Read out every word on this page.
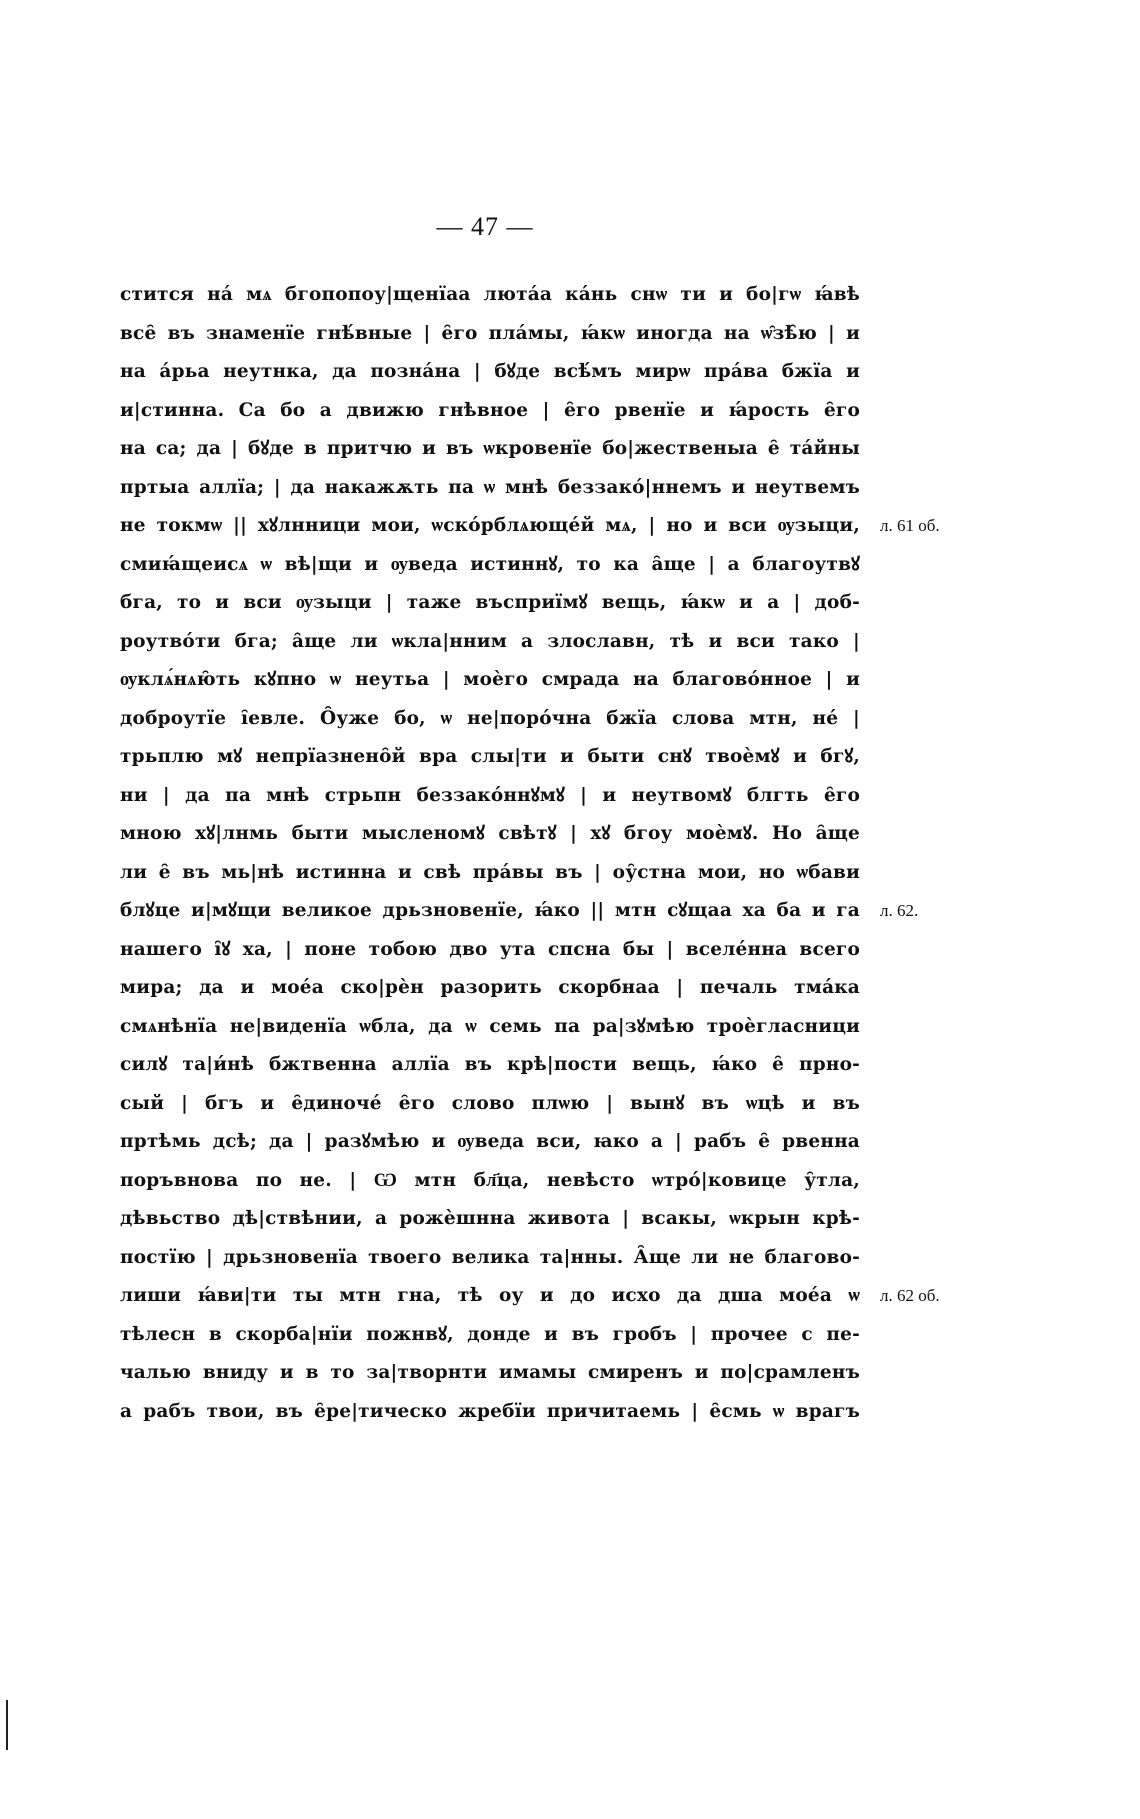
— 47 —
стится на́ мѧ бгопопоу|щенїаа люта́а ка́нь снѡ ти и бо|гѡ ꙗ́вѣ
все̑ въ знаменїе гнѣ́вные | е̑го пла́мы, ꙗ́кѡ иногда на ѡ̑зѣ̑ю | и
на а́рьа неутнка, да позна́на | бꙋде всѣ́мъ мирѡ пра́ва бжїа и
и|стинна. Са бо а движю гнѣвное | е̑го рвенїе и ꙗ́рость е̑го
на са; да | бꙋде в притчю и въ ѡкровенїе бо|жественыа е̑ та́йны
пртыа аллїа; | да накажѫть па ѡ мнѣ беззако́|ннемъ и неутвемъ
не токмѡ || хꙋлнници мои, ѡско́рблѧюще́й мѧ, | но и вси ѹзыци,
смиꙗ́щеисѧ ѡ вѣ|щи и ѹведа истиннꙋ, то ка а̑ще | а благоутвꙋ
бга, то и вси ѹзыци | таже въсприїмꙋ вещь, ꙗ́кѡ и а | доб-
роутво́ти бга; а̑ще ли ѡкла|нним а злославн, тѣ и вси тако |
ѹклѧ́нѧю̑ть кꙋпно ѡ неутьа | моѐго смрада на благово́нное | и
доброутїе і̑евле. О̑уже бо, ѡ не|поро́чна бжїа слова мтн, не́ |
трьплю мꙋ непрїазнено̑й вра слы|ти и быти снꙋ твоѐмꙋ и бгꙋ,
ни | да па мнѣ стрьпн беззако́ннꙋмꙋ | и неутвомꙋ блгть е̑го
мною хꙋ|лнмь быти мысленомꙋ свѣтꙋ | хꙋ бгоу моѐмꙋ. Но а̑ще
ли е̑ въ мь|нѣ истинна и свѣ пра́вы въ | оу̑стна мои, но ѡбави
блꙋце и|мꙋщи великое дрьзновенїе, ꙗ́ко || мтн сꙋщаа ха ба и га
нашего і̑ꙋ ха, | поне тобою дво ута спсна бы | вселе́нна всего
мира; да и мое́а ско|рѐн разорить скорбнаа | печаль тма́ка
смѧнѣнїа не|виденїа ѡбла, да ѡ семь па ра|зꙋмѣю троѐгласници
силꙋ та|и́нѣ бжтвенна аллїа въ крѣ|пости вещь, ꙗ́ко е̑ прно-
сый | бгъ и е̑диноче́ е̑го слово плѡю | вынꙋ въ ѡцѣ и въ
пртѣмь дсѣ; да | разꙋмѣю и ѹведа вси, ꙗко а | рабъ е̑ рвенна
поръвнова по не. | Ѡ мтн бл҃ца, невѣсто ѡтро́|ковице у̑тла,
дѣвьство дѣ|ствѣнии, а рожѐшнна живота | всакы, ѡкрын крѣ-
постїю | дрьзновенїа твоего велика та|нны. А̑ще ли не благово-
лиши ꙗ́ви|ти ты мтн гна, тѣ оу и до исхо да дша мое́а ѡ
тѣлесн в скорба|нїи пожнвꙋ, донде и въ гробъ | прочее с пе-
чалью вниду и в то за|творнти имамы смиренъ и по|срамленъ
а рабъ твои, въ е̑ре|тическо жребїи причитаемь | е̑смь ѡ врагъ
л. 61 об.
л. 62.
л. 62 об.
